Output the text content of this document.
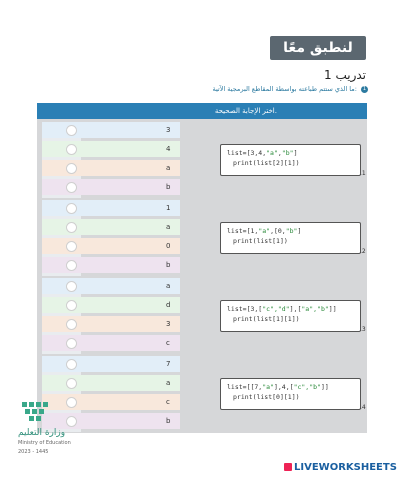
لنطبق معًا
تدريب 1
ما الذي ستتم طباعته بواسطة المقاطع البرمجية الآتية: 1
اختر الإجابة الصحيحة.
3
4
a
b
list=[3,4,"a","b"]
print(list[2][1])
.1
1
a
0
b
list=[1,"a",[0,"b"]
print(list[1])
.2
a
d
3
c
list=[3,["c","d"],["a","b"]]
print(list[1][1])
.3
7
a
c
b
list=[[7,"a"],4,["c","b"]]
print(list[0][1])
.4
وزارة التعليم
Ministry of Education
2023 - 1445
LIVEWORKSHEETS
